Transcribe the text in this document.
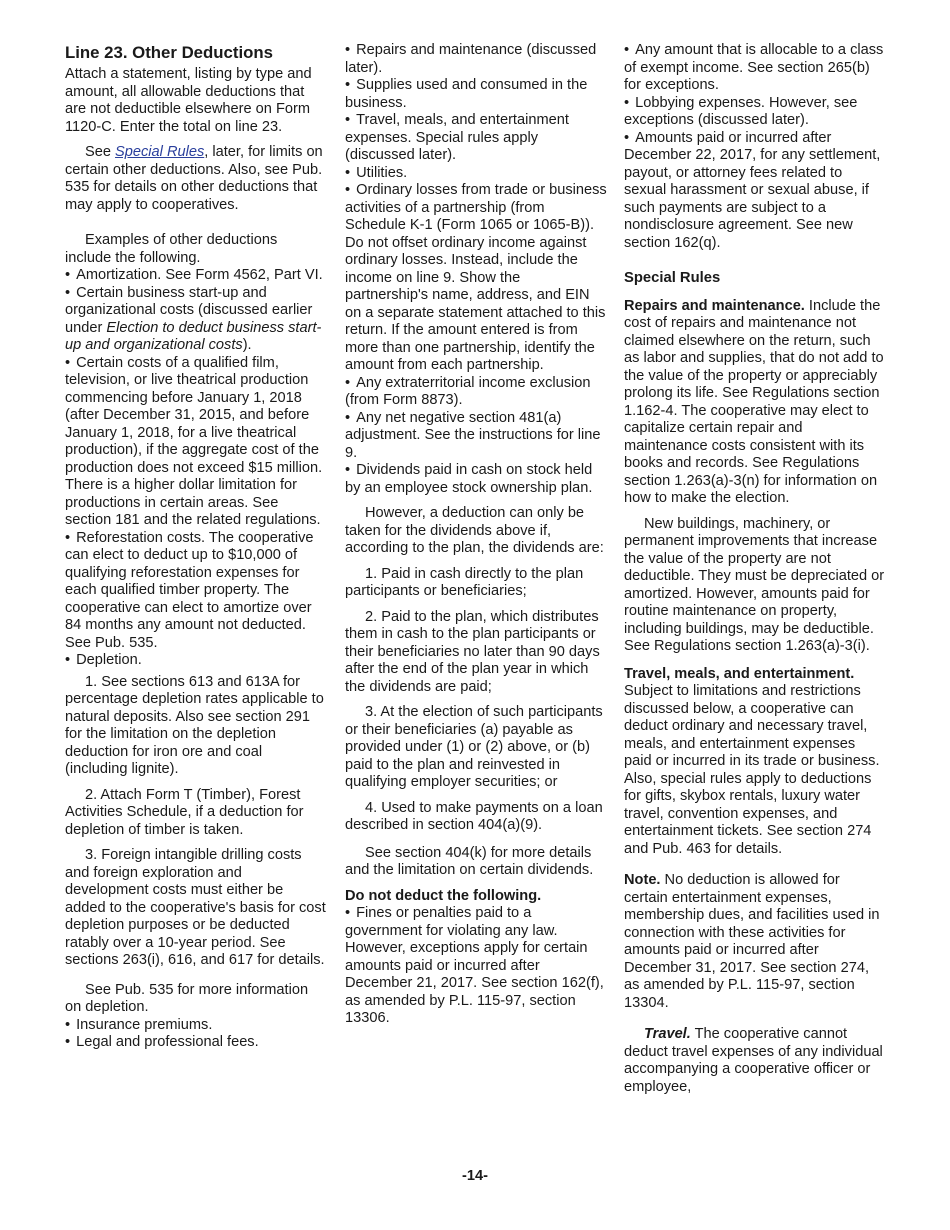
Line 23. Other Deductions

Attach a statement, listing by type and amount, all allowable deductions that are not deductible elsewhere on Form 1120-C. Enter the total on line 23.

See Special Rules, later, for limits on certain other deductions. Also, see Pub. 535 for details on other deductions that may apply to cooperatives.

Examples of other deductions include the following.

• Amortization. See Form 4562, Part VI.

• Certain business start-up and organizational costs (discussed earlier under Election to deduct business start-up and organizational costs).

• Certain costs of a qualified film, television, or live theatrical production commencing before January 1, 2018 (after December 31, 2015, and before January 1, 2018, for a live theatrical production), if the aggregate cost of the production does not exceed $15 million. There is a higher dollar limitation for productions in certain areas. See section 181 and the related regulations.

• Reforestation costs. The cooperative can elect to deduct up to $10,000 of qualifying reforestation expenses for each qualified timber property. The cooperative can elect to amortize over 84 months any amount not deducted. See Pub. 535.

• Depletion.

1. See sections 613 and 613A for percentage depletion rates applicable to natural deposits. Also see section 291 for the limitation on the depletion deduction for iron ore and coal (including lignite).

2. Attach Form T (Timber), Forest Activities Schedule, if a deduction for depletion of timber is taken.

3. Foreign intangible drilling costs and foreign exploration and development costs must either be added to the cooperative's basis for cost depletion purposes or be deducted ratably over a 10-year period. See sections 263(i), 616, and 617 for details.

See Pub. 535 for more information on depletion.

• Insurance premiums.

• Legal and professional fees.

• Repairs and maintenance (discussed later).

• Supplies used and consumed in the business.

• Travel, meals, and entertainment expenses. Special rules apply (discussed later).

• Utilities.

• Ordinary losses from trade or business activities of a partnership (from Schedule K-1 (Form 1065 or 1065-B)). Do not offset ordinary income against ordinary losses. Instead, include the income on line 9. Show the partnership's name, address, and EIN on a separate statement attached to this return. If the amount entered is from more than one partnership, identify the amount from each partnership.

• Any extraterritorial income exclusion (from Form 8873).

• Any net negative section 481(a) adjustment. See the instructions for line 9.

• Dividends paid in cash on stock held by an employee stock ownership plan.

However, a deduction can only be taken for the dividends above if, according to the plan, the dividends are:

1. Paid in cash directly to the plan participants or beneficiaries;

2. Paid to the plan, which distributes them in cash to the plan participants or their beneficiaries no later than 90 days after the end of the plan year in which the dividends are paid;

3. At the election of such participants or their beneficiaries (a) payable as provided under (1) or (2) above, or (b) paid to the plan and reinvested in qualifying employer securities; or

4. Used to make payments on a loan described in section 404(a)(9).

See section 404(k) for more details and the limitation on certain dividends.

Do not deduct the following.

• Fines or penalties paid to a government for violating any law. However, exceptions apply for certain amounts paid or incurred after December 21, 2017. See section 162(f), as amended by P.L. 115-97, section 13306.

• Any amount that is allocable to a class of exempt income. See section 265(b) for exceptions.

• Lobbying expenses. However, see exceptions (discussed later).

• Amounts paid or incurred after December 22, 2017, for any settlement, payout, or attorney fees related to sexual harassment or sexual abuse, if such payments are subject to a nondisclosure agreement. See new section 162(q).

Special Rules

Repairs and maintenance. Include the cost of repairs and maintenance not claimed elsewhere on the return, such as labor and supplies, that do not add to the value of the property or appreciably prolong its life. See Regulations section 1.162-4. The cooperative may elect to capitalize certain repair and maintenance costs consistent with its books and records. See Regulations section 1.263(a)-3(n) for information on how to make the election.

New buildings, machinery, or permanent improvements that increase the value of the property are not deductible. They must be depreciated or amortized. However, amounts paid for routine maintenance on property, including buildings, may be deductible. See Regulations section 1.263(a)-3(i).

Travel, meals, and entertainment.
Subject to limitations and restrictions discussed below, a cooperative can deduct ordinary and necessary travel, meals, and entertainment expenses paid or incurred in its trade or business. Also, special rules apply to deductions for gifts, skybox rentals, luxury water travel, convention expenses, and entertainment tickets. See section 274 and Pub. 463 for details.

Note. No deduction is allowed for certain entertainment expenses, membership dues, and facilities used in connection with these activities for amounts paid or incurred after December 31, 2017. See section 274, as amended by P.L. 115-97, section 13304.

Travel. The cooperative cannot deduct travel expenses of any individual accompanying a cooperative officer or employee,

-14-
